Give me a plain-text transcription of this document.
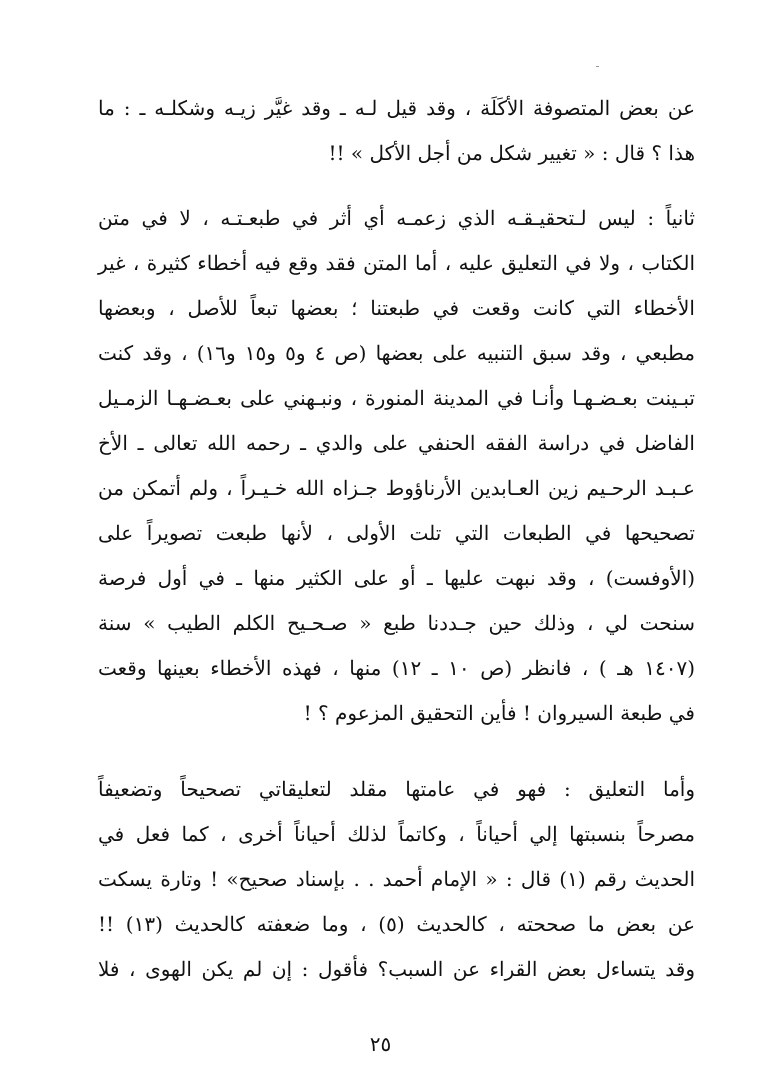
عن بعض المتصوفة الأكَلَة ، وقد قيل لـه ـ وقد غيَّر زيـه وشكلـه ـ : ما
هذا ؟ قال : « تغيير شكل من أجل الأكل » !!
ثانياً : ليس لـتحقيـقـه الذي زعمـه أي أثر في طبعـتـه ، لا في متن
الكتاب ، ولا في التعليق عليه ، أما المتن فقد وقع فيه أخطاء كثيرة ، غير
الأخطاء التي كانت وقعت في طبعتنا ؛ بعضها تبعاً للأصل ، وبعضها
مطبعي ، وقد سبق التنبيه على بعضها (ص ٤ و٥ و١٥ و١٦) ، وقد كنت
تبـينت بعـضـهـا وأنـا في المدينة المنورة ، ونبـهني على بعـضـهـا الزمـيل
الفاضل في دراسة الفقه الحنفي على والدي ـ رحمه الله تعالى ـ الأخ
عـبـد الرحـيم زين العـابدين الأرناؤوط جـزاه الله خـيـراً ، ولم أتمكن من
تصحيحها في الطبعات التي تلت الأولى ، لأنها طبعت تصويراً على
(الأوفست) ، وقد نبهت عليها ـ أو على الكثير منها ـ في أول فرصة
سنحت لي ، وذلك حين جـددنا طبع « صـحـيح الكلم الطيب » سنة
(١٤٠٧ هـ ) ، فانظر (ص ١٠ ـ ١٢) منها ، فهذه الأخطاء بعينها وقعت
في طبعة السيروان ! فأين التحقيق المزعوم ؟ !
وأما التعليق : فهو في عامتها مقلد لتعليقاتي تصحيحاً وتضعيفاً
مصرحاً بنسبتها إلي أحياناً ، وكاتماً لذلك أحياناً أخرى ، كما فعل في
الحديث رقم (١) قال : « الإمام أحمد . . بإسناد صحيح» ! وتارة يسكت
عن بعض ما صححته ، كالحديث (٥) ، وما ضعفته كالحديث (١٣) !!
وقد يتساءل بعض القراء عن السبب؟ فأقول : إن لم يكن الهوى ، فلا
٢٥
